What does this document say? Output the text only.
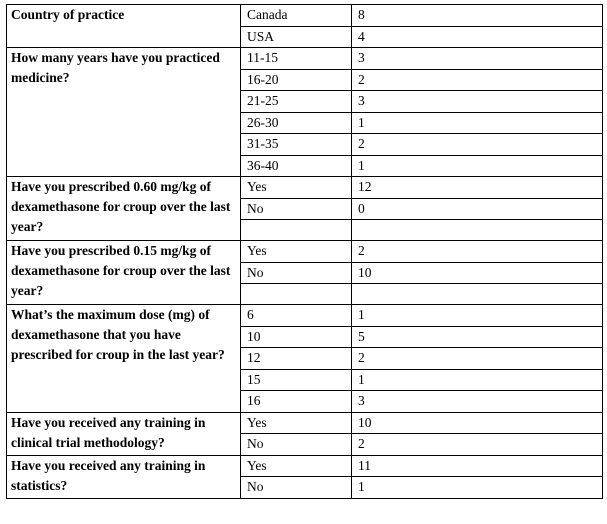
Country of practice	Canada	8
	USA	4
How many years have you practiced medicine?	11-15	3
	16-20	2
	21-25	3
	26-30	1
	31-35	2
	36-40	1
Have you prescribed 0.60 mg/kg of dexamethasone for croup over the last year?	Yes	12
	No	0

Have you prescribed 0.15 mg/kg of dexamethasone for croup over the last year?	Yes	2
	No	10

What’s the maximum dose (mg) of dexamethasone that you have prescribed for croup in the last year?	6	1
	10	5
	12	2
	15	1
	16	3
Have you received any training in clinical trial methodology?	Yes	10
	No	2
Have you received any training in statistics?	Yes	11
	No	1
